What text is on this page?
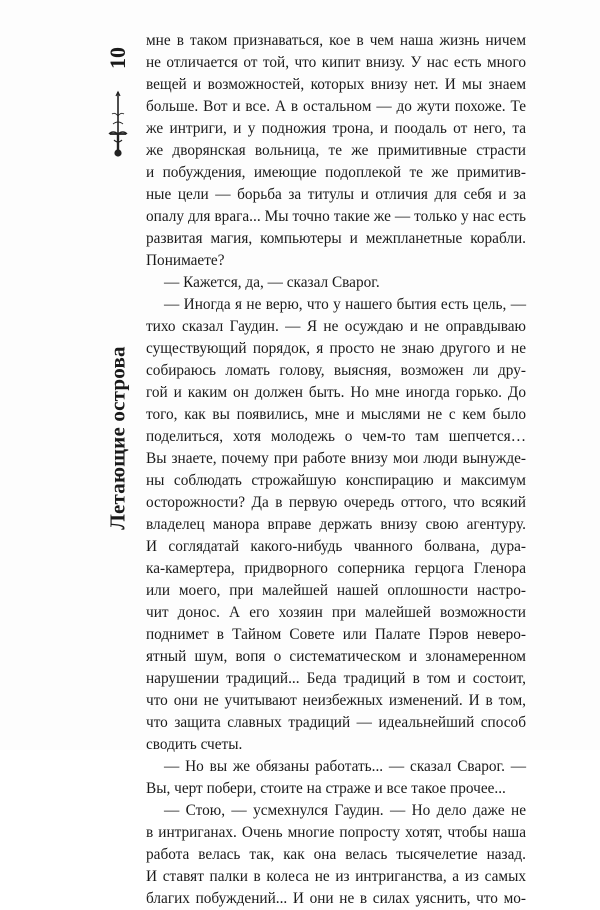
10
Летающие острова
мне в таком признаваться, кое в чем наша жизнь ничем
не отличается от той, что кипит внизу. У нас есть много
вещей и возможностей, которых внизу нет. И мы знаем
больше. Вот и все. А в остальном — до жути похоже. Те
же интриги, и у подножия трона, и поодаль от него, та
же дворянская вольница, те же примитивные страсти
и побуждения, имеющие подоплекой те же примитив-
ные цели — борьба за титулы и отличия для себя и за
опалу для врага... Мы точно такие же — только у нас есть
развитая магия, компьютеры и межпланетные корабли.
Понимаете?
— Кажется, да, — сказал Сварог.
— Иногда я не верю, что у нашего бытия есть цель, —
тихо сказал Гаудин. — Я не осуждаю и не оправдываю
существующий порядок, я просто не знаю другого и не
собираюсь ломать голову, выясняя, возможен ли дру-
гой и каким он должен быть. Но мне иногда горько. До
того, как вы появились, мне и мыслями не с кем было
поделиться, хотя молодежь о чем-то там шепчется…
Вы знаете, почему при работе внизу мои люди вынужде-
ны соблюдать строжайшую конспирацию и максимум
осторожности? Да в первую очередь оттого, что всякий
владелец манора вправе держать внизу свою агентуру.
И соглядатай какого-нибудь чванного болвана, дура-
ка-камертера, придворного соперника герцога Гленора
или моего, при малейшей нашей оплошности настро-
чит донос. А его хозяин при малейшей возможности
поднимет в Тайном Совете или Палате Пэров неверо-
ятный шум, вопя о систематическом и злонамеренном
нарушении традиций... Беда традиций в том и состоит,
что они не учитывают неизбежных изменений. И в том,
что защита славных традиций — идеальнейший способ
сводить счеты.
— Но вы же обязаны работать... — сказал Сварог. —
Вы, черт побери, стоите на страже и все такое прочее...
— Стою, — усмехнулся Гаудин. — Но дело даже не
в интриганах. Очень многие попросту хотят, чтобы наша
работа велась так, как она велась тысячелетие назад.
И ставят палки в колеса не из интриганства, а из самых
благих побуждений... И они не в силах уяснить, что мо-
